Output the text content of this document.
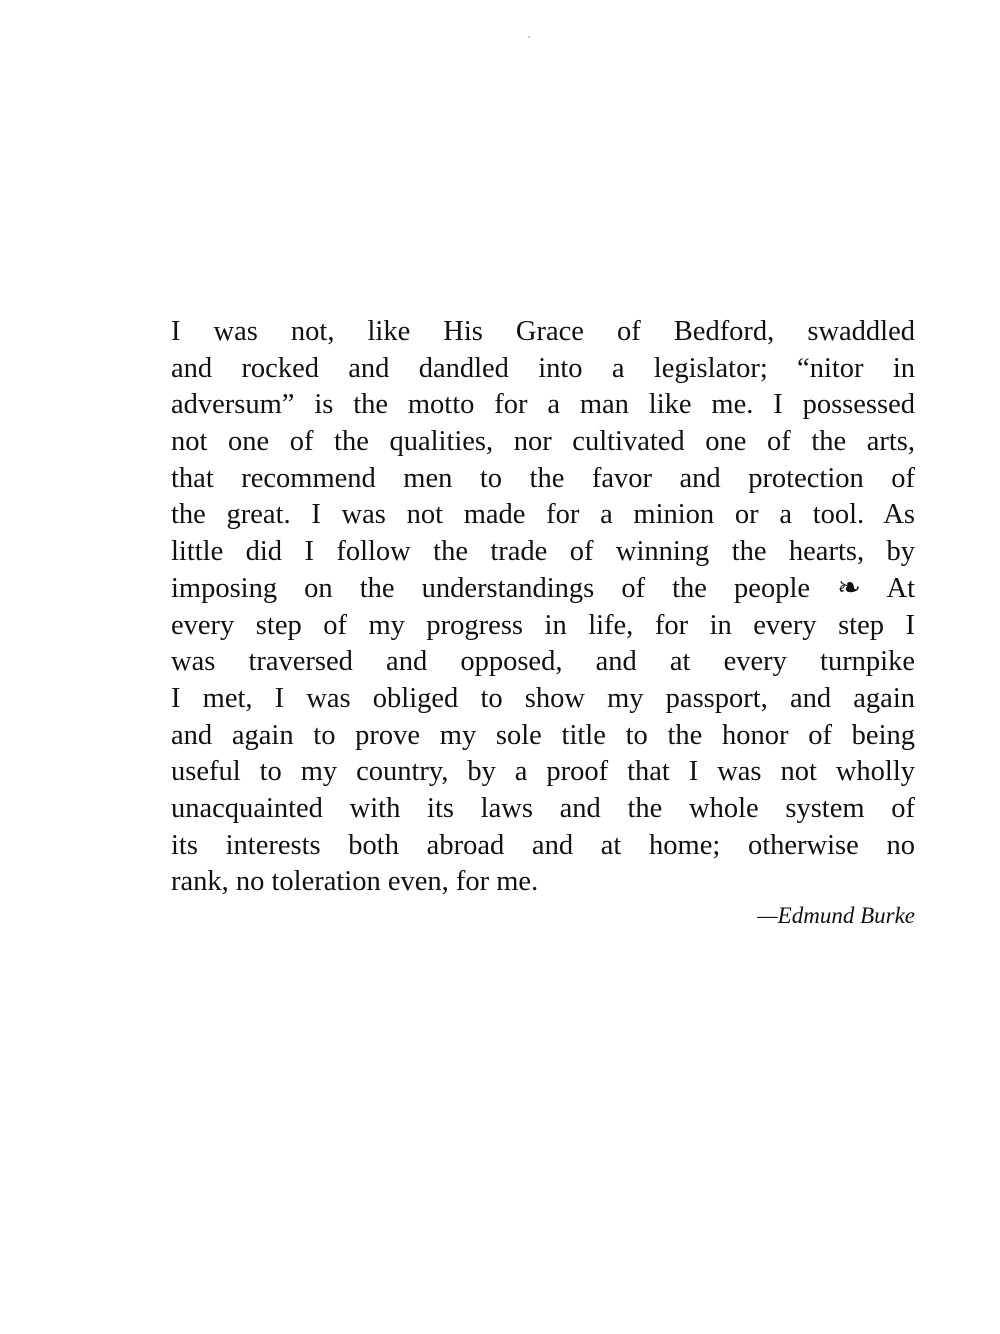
I was not, like His Grace of Bedford, swaddled
and rocked and dandled into a legislator; “nitor in
adversum” is the motto for a man like me. I possessed
not one of the qualities, nor cultivated one of the arts,
that recommend men to the favor and protection of
the great. I was not made for a minion or a tool. As
little did I follow the trade of winning the hearts, by
imposing on the understandings of the people ❧ At
every step of my progress in life, for in every step I
was traversed and opposed, and at every turnpike
I met, I was obliged to show my passport, and again
and again to prove my sole title to the honor of being
useful to my country, by a proof that I was not wholly
unacquainted with its laws and the whole system of
its interests both abroad and at home; otherwise no
rank, no toleration even, for me.

—Edmund Burke
